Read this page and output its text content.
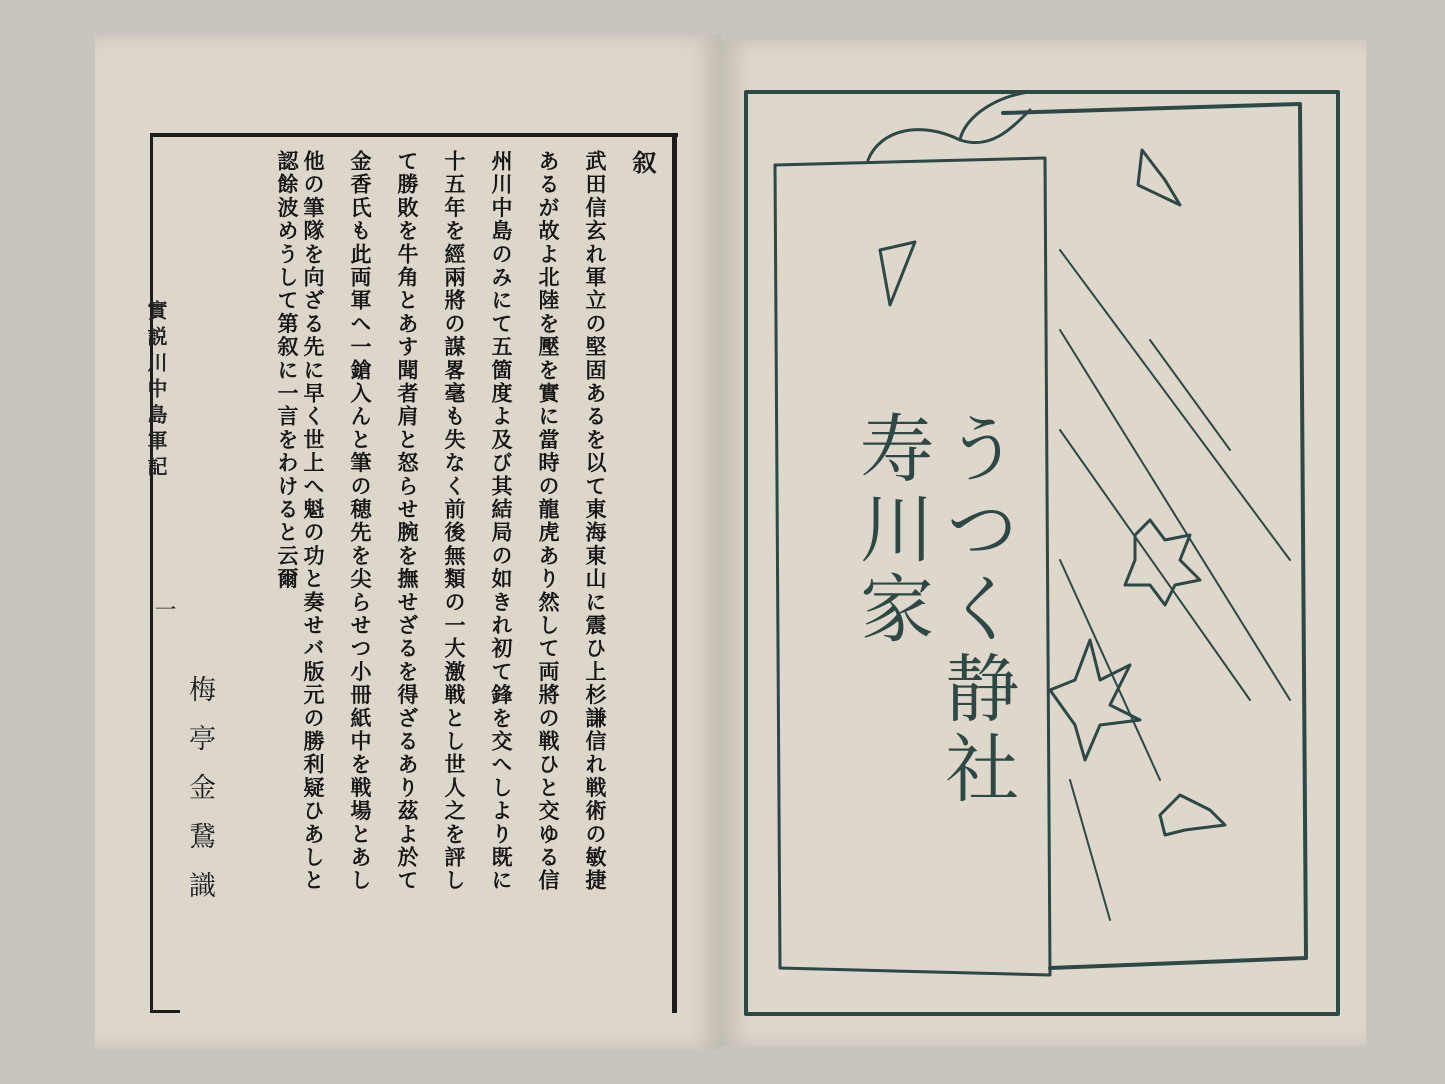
叙
武田信玄れ軍立の堅固あるを以て東海東山に震ひ上杉謙信れ戦術の敏捷
あるが故よ北陸を壓を實に當時の龍虎あり然して両將の戦ひと交ゆる信
州川中島のみにて五箇度よ及び其結局の如きれ初て鋒を交へしより既に
十五年を經兩將の謀畧毫も失なく前後無類の一大激戦とし世人之を評し
て勝敗を牛角とあす聞者肩と怒らせ腕を撫せざるを得ざるあり茲よ於て
金香氏も此両軍へ一鎗入んと筆の穂先を尖らせつ小冊紙中を戦場とあし
他の筆隊を向ざる先に早く世上へ魁の功と奏せバ版元の勝利疑ひあしと
認餘波めうして第叙に一言をわけると云爾
實説川中島軍記
一
梅亭金鵞識	うつく静社 寿川家
